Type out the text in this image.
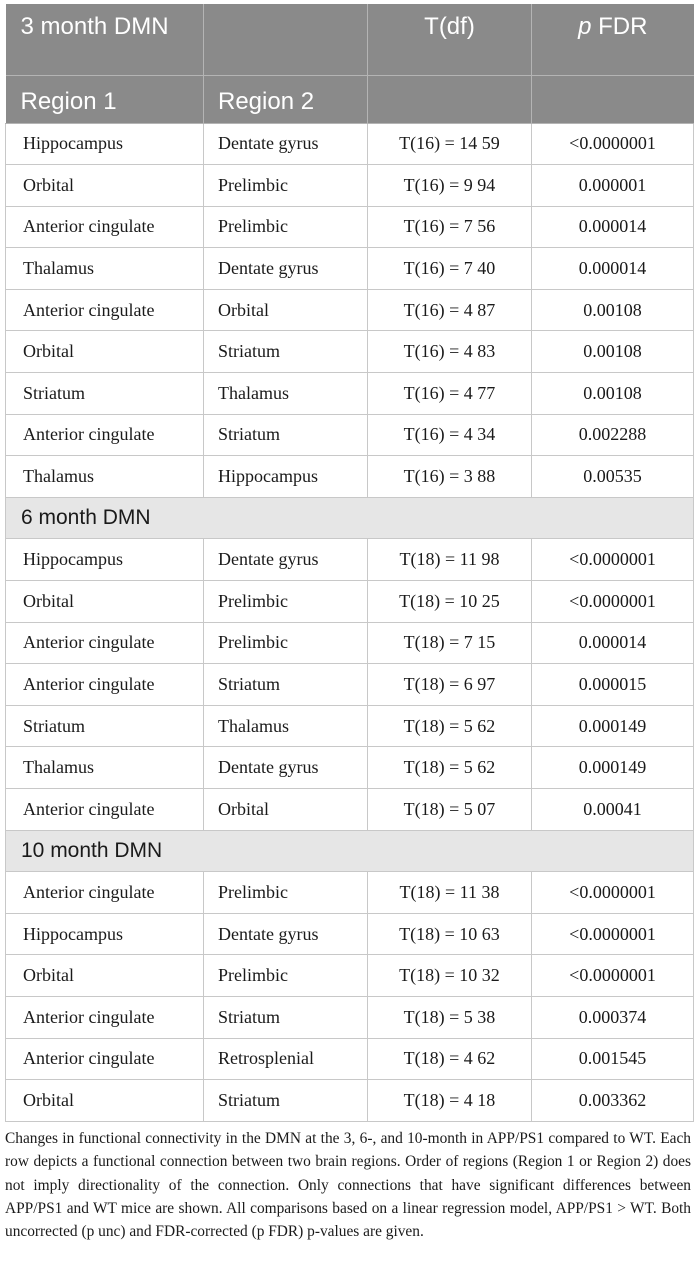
3 month DMN		T(df)	p FDR
Region 1	Region 2		
Hippocampus	Dentate gyrus	T(16) = 14 59	<0.0000001
Orbital	Prelimbic	T(16) = 9 94	0.000001
Anterior cingulate	Prelimbic	T(16) = 7 56	0.000014
Thalamus	Dentate gyrus	T(16) = 7 40	0.000014
Anterior cingulate	Orbital	T(16) = 4 87	0.00108
Orbital	Striatum	T(16) = 4 83	0.00108
Striatum	Thalamus	T(16) = 4 77	0.00108
Anterior cingulate	Striatum	T(16) = 4 34	0.002288
Thalamus	Hippocampus	T(16) = 3 88	0.00535
6 month DMN			
Hippocampus	Dentate gyrus	T(18) = 11 98	<0.0000001
Orbital	Prelimbic	T(18) = 10 25	<0.0000001
Anterior cingulate	Prelimbic	T(18) = 7 15	0.000014
Anterior cingulate	Striatum	T(18) = 6 97	0.000015
Striatum	Thalamus	T(18) = 5 62	0.000149
Thalamus	Dentate gyrus	T(18) = 5 62	0.000149
Anterior cingulate	Orbital	T(18) = 5 07	0.00041
10 month DMN			
Anterior cingulate	Prelimbic	T(18) = 11 38	<0.0000001
Hippocampus	Dentate gyrus	T(18) = 10 63	<0.0000001
Orbital	Prelimbic	T(18) = 10 32	<0.0000001
Anterior cingulate	Striatum	T(18) = 5 38	0.000374
Anterior cingulate	Retrosplenial	T(18) = 4 62	0.001545
Orbital	Striatum	T(18) = 4 18	0.003362

Changes in functional connectivity in the DMN at the 3, 6-, and 10-month in APP/PS1 compared to WT. Each row depicts a functional connection between two brain regions. Order of regions (Region 1 or Region 2) does not imply directionality of the connection. Only connections that have significant differences between APP/PS1 and WT mice are shown. All comparisons based on a linear regression model, APP/PS1 > WT. Both uncorrected (p unc) and FDR-corrected (p FDR) p-values are given.
